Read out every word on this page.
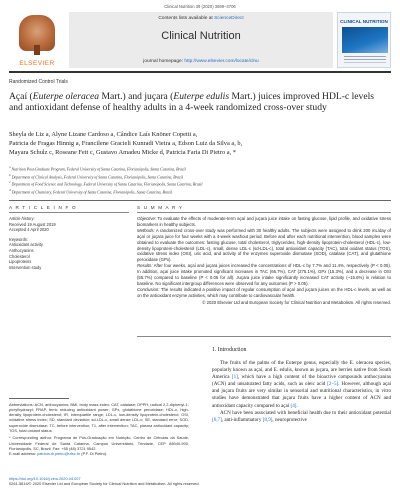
Clinical Nutrition 39 (2020) 3699–3706
ELSEVIER
Contents lists available at ScienceDirect
Clinical Nutrition
journal homepage: http://www.elsevier.com/locate/clnu
CLINICAL NUTRITION
Randomized Control Trials
Açaí (Euterpe oleracea Mart.) and juçara (Euterpe edulis Mart.) juices improved HDL-c levels and antioxidant defense of healthy adults in a 4-week randomized cross-over study
Sheyla de Liz a, Alyne Lizane Cardoso a, Cândice Laís Knöner Copetti a,
Patricia de Fragas Hinnig a, Francilene Gracieli Kunradi Vieira a, Edson Luiz da Silva a, b,
Mayara Schulz c, Roseane Fett c, Gustavo Amadeu Micke d, Patricia Faria Di Pietro a, *
aNutrition Post-Graduate Program, Federal University of Santa Catarina, Florianópolis, Santa Catarina, Brazil
bDepartment of Clinical Analysis, Federal University of Santa Catarina, Florianópolis, Santa Catarina, Brazil
cDepartment of Food Science and Technology, Federal University of Santa Catarina, Florianópolis, Santa Catarina, Brazil
dDepartment of Chemistry, Federal University of Santa Catarina, Florianópolis, Santa Catarina, Brazil
A R T I C L E I N F O	S U M M A R Y
Article history:
Received 19 August 2019
Accepted 4 April 2020
Keywords:
Antioxidant activity
Anthocyanins
Cholesterol
Lipoproteins
Intervention study

Objective: To evaluate the effects of moderate-term açaí and juçara juice intake on fasting glucose, lipid profile, and oxidative stress biomarkers in healthy subjects.

Methods: A randomized cross-over study was performed with 30 healthy adults. The subjects were assigned to drink 200 mL/day of açaí or juçara juice for four weeks with a 4-week washout period. Before and after each nutritional intervention, blood samples were obtained to evaluate the outcomes: fasting glucose, total cholesterol, triglycerides, high-density lipoprotein-cholesterol (HDL-c), low-density lipoprotein-cholesterol (LDL-c), small, dense LDL-c (sd-LDL-c), total antioxidant capacity (TAC), total oxidant status (TOS), oxidative stress index (OSI), uric acid, and activity of the enzymes superoxide dismutase (SOD), catalase (CAT), and glutathione peroxidase (GPx).

Results: After four weeks, açaí and juçara juices increased the concentrations of HDL-c by 7.7% and 11.4%, respectively (P < 0.05). In addition, açaí juice intake promoted significant increases in TAC (66.7%), CAT (275.1%), GPx (15.3%), and a decrease in OSI (55.7%) compared to baseline (P < 0.05 for all). Juçara juice intake significantly increased CAT activity (~15.6%) in relation to baseline. No significant intergroup differences were observed for any outcomes (P > 0.05).

Conclusion: The results indicated a positive impact of regular consumption of açaí and juçara juices on the HDL-c levels, as well as on the antioxidant enzyme activities, which may contribute to cardiovascular health.

© 2020 Elsevier Ltd and European Society for Clinical Nutrition and Metabolism. All rights reserved.

Abbreviations: ACN, anthocyanins; BMI, body mass index; CAT, catalase; DPPH, radical 2,2-diphenyl-1-picrylhydrazyl; FRAP, ferric reducing antioxidant power; GPx, glutathione peroxidase; HDL-c, high-density lipoprotein-cholesterol; IR, interquartile range; LDL-c, low-density lipoprotein-cholesterol; OSI, oxidative stress index; SD, standard deviation; sd-LDL-c, small dense LDL-c; SE, standard error; SOD, superoxide dismutase; TC, before intervention; T1, after intervention; TAC, plasma antioxidant capacity; TOS, total oxidant status.

* Corresponding author. Programa de Pós-Graduação em Nutrição, Centro de Ciências da Saúde, Universidade Federal de Santa Catarina, Campus Universitário, Trindade, CEP 88040-900, Florianópolis, SC, Brazil. Fax: +55 (48) 3721 9542.

E-mail address: patricia.di.pietro@ufsc.br (P.F. Di Pietro).

https://doi.org/10.1016/j.clnu.2020.04.007
0261-5614/© 2020 Elsevier Ltd and European Society for Clinical Nutrition and Metabolism. All rights reserved.
1. Introduction

The fruits of the palms of the Euterpe genus, especially the E. oleracea species, popularly known as açaí, and E. edulis, known as juçara, are berries native from South America [1], which have a high content of the bioactive compounds anthocyanins (ACN) and unsaturated fatty acids, such as oleic acid [2–5]. However, although açaí and juçara fruits are very similar in sensorial and nutritional characteristics, in vitro studies have demonstrated that juçara fruits have a higher content of ACN and antioxidant capacity compared to açaí [4].

ACN have been associated with beneficial health due to their antioxidant potential [6,7], anti-inflammatory [8,9], neuroprotective
